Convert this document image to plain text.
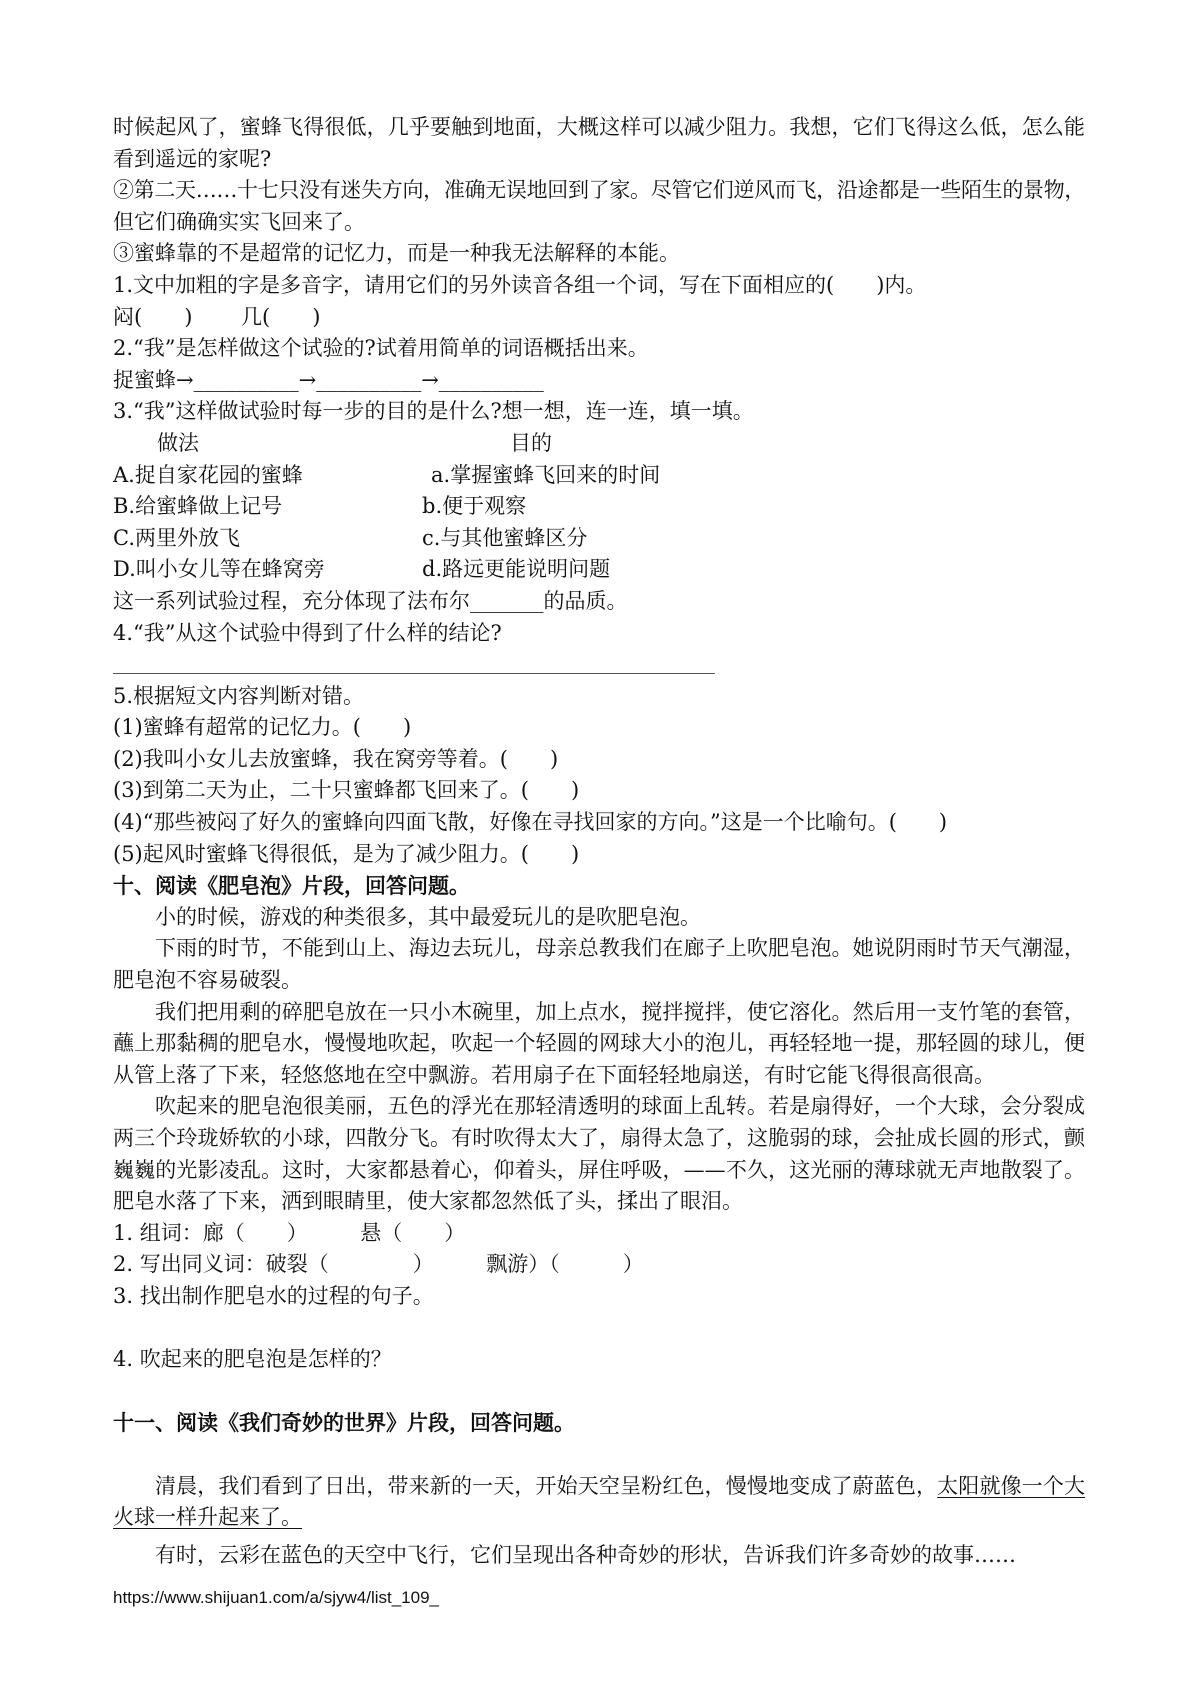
时候起风了，蜜蜂飞得很低，几乎要触到地面，大概这样可以减少阻力。我想，它们飞得这么低，怎么能
看到遥远的家呢?
②第二天……十七只没有迷失方向，准确无误地回到了家。尽管它们逆风而飞，沿途都是一些陌生的景物，
但它们确确实实飞回来了。
③蜜蜂靠的不是超常的记忆力，而是一种我无法解释的本能。
1.文中加粗的字是多音字，请用它们的另外读音各组一个词，写在下面相应的(　　)内。
闷(　　)　　 几(　　)
2.“我”是怎样做这个试验的?试着用简单的词语概括出来。
捉蜜蜂→__________→__________→__________
3.“我”这样做试验时每一步的目的是什么?想一想，连一连，填一填。
做法	目的
A.捉自家花园的蜜蜂	a.掌握蜜蜂飞回来的时间
B.给蜜蜂做上记号	b.便于观察
C.两里外放飞	c.与其他蜜蜂区分
D.叫小女儿等在蜂窝旁	d.路远更能说明问题
这一系列试验过程，充分体现了法布尔_______的品质。
4.“我”从这个试验中得到了什么样的结论?
5.根据短文内容判断对错。
(1)蜜蜂有超常的记忆力。(　　)
(2)我叫小女儿去放蜜蜂，我在窝旁等着。(　　)
(3)到第二天为止，二十只蜜蜂都飞回来了。(　　)
(4)“那些被闷了好久的蜜蜂向四面飞散，好像在寻找回家的方向。”这是一个比喻句。(　　)
(5)起风时蜜蜂飞得很低，是为了减少阻力。(　　)
十、阅读《肥皂泡》片段，回答问题。
小的时候，游戏的种类很多，其中最爱玩儿的是吹肥皂泡。
下雨的时节，不能到山上、海边去玩儿，母亲总教我们在廊子上吹肥皂泡。她说阴雨时节天气潮湿，
肥皂泡不容易破裂。
我们把用剩的碎肥皂放在一只小木碗里，加上点水，搅拌搅拌，使它溶化。然后用一支竹笔的套管，
蘸上那黏稠的肥皂水，慢慢地吹起，吹起一个轻圆的网球大小的泡儿，再轻轻地一提，那轻圆的球儿，便
从管上落了下来，轻悠悠地在空中飘游。若用扇子在下面轻轻地扇送，有时它能飞得很高很高。
吹起来的肥皂泡很美丽，五色的浮光在那轻清透明的球面上乱转。若是扇得好，一个大球，会分裂成
两三个玲珑娇软的小球，四散分飞。有时吹得太大了，扇得太急了，这脆弱的球，会扯成长圆的形式，颤
巍巍的光影凌乱。这时，大家都悬着心，仰着头，屏住呼吸，——不久，这光丽的薄球就无声地散裂了。
肥皂水落了下来，洒到眼睛里，使大家都忽然低了头，揉出了眼泪。
1. 组词：廊（　　）　　　悬（　　）
2. 写出同义词：破裂（　　　　）　　　飘游）（　　　）
3. 找出制作肥皂水的过程的句子。
4. 吹起来的肥皂泡是怎样的？
十一、阅读《我们奇妙的世界》片段，回答问题。
清晨，我们看到了日出，带来新的一天，开始天空呈粉红色，慢慢地变成了蔚蓝色，太阳就像一个大
火球一样升起来了。
有时，云彩在蓝色的天空中飞行，它们呈现出各种奇妙的形状，告诉我们许多奇妙的故事……
https://www.shijuan1.com/a/sjyw4/list_109_
